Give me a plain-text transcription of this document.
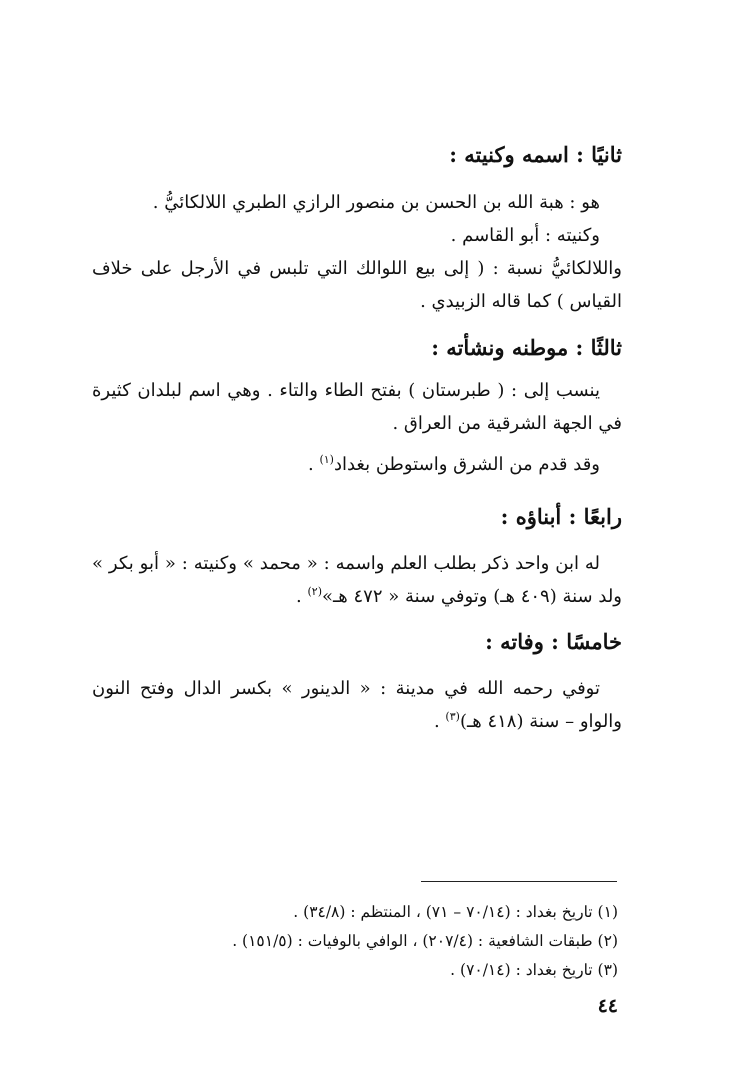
ثانيًا : اسمه وكنيته :

هو : هبة الله بن الحسن بن منصور الرازي الطبري اللالكائيُّ .

وكنيته : أبو القاسم .

واللالكائيُّ نسبة : ( إلى بيع اللوالك التي تلبس في الأرجل على خلاف القياس ) كما قاله الزبيدي .

ثالثًا : موطنه ونشأته :

ينسب إلى : ( طبرستان ) بفتح الطاء والتاء . وهي اسم لبلدان كثيرة في الجهة الشرقية من العراق .

وقد قدم من الشرق واستوطن بغداد$^{(١)}$ .

رابعًا : أبناؤه :

له ابن واحد ذكر بطلب العلم واسمه : « محمد » وكنيته : « أبو بكر » ولد سنة (٤٠٩ هـ) وتوفي سنة « ٤٧٢ هـ»$^{(٢)}$ .

خامسًا : وفاته :

توفي رحمه الله في مدينة : « الدينور » بكسر الدال وفتح النون والواو – سنة (٤١٨ هـ)$^{(٣)}$ .

(١) تاريخ بغداد : (٧٠/١٤ – ٧١) ، المنتظم : (٣٤/٨) .

(٢) طبقات الشافعية : (٢٠٧/٤) ، الوافي بالوفيات : (١٥١/٥) .

(٣) تاريخ بغداد : (٧٠/١٤) .

٤٤
